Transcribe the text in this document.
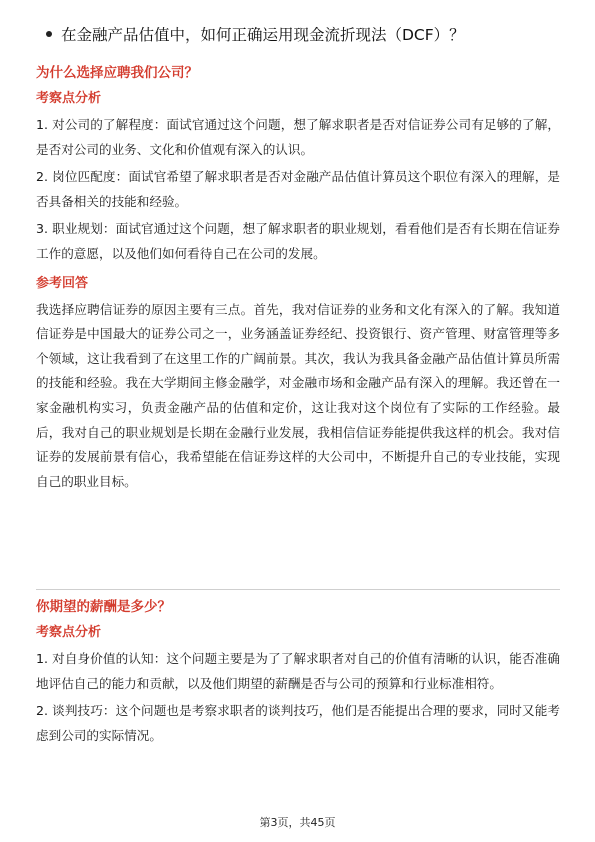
在金融产品估值中，如何正确运用现金流折现法（DCF）？

为什么选择应聘我们公司？

考察点分析

1. 对公司的了解程度：面试官通过这个问题，想了解求职者是否对信证券公司有足够的了解，是否对公司的业务、文化和价值观有深入的认识。

2. 岗位匹配度：面试官希望了解求职者是否对金融产品估值计算员这个职位有深入的理解，是否具备相关的技能和经验。

3. 职业规划：面试官通过这个问题，想了解求职者的职业规划，看看他们是否有长期在信证券工作的意愿，以及他们如何看待自己在公司的发展。

参考回答

我选择应聘信证券的原因主要有三点。首先，我对信证券的业务和文化有深入的了解。我知道信证券是中国最大的证券公司之一，业务涵盖证券经纪、投资银行、资产管理、财富管理等多个领域，这让我看到了在这里工作的广阔前景。其次，我认为我具备金融产品估值计算员所需的技能和经验。我在大学期间主修金融学，对金融市场和金融产品有深入的理解。我还曾在一家金融机构实习，负责金融产品的估值和定价，这让我对这个岗位有了实际的工作经验。最后，我对自己的职业规划是长期在金融行业发展，我相信信证券能提供我这样的机会。我对信证券的发展前景有信心，我希望能在信证券这样的大公司中，不断提升自己的专业技能，实现自己的职业目标。

你期望的薪酬是多少？

考察点分析

1. 对自身价值的认知：这个问题主要是为了了解求职者对自己的价值有清晰的认识，能否准确地评估自己的能力和贡献，以及他们期望的薪酬是否与公司的预算和行业标准相符。

2. 谈判技巧：这个问题也是考察求职者的谈判技巧，他们是否能提出合理的要求，同时又能考虑到公司的实际情况。

第3页，共45页
